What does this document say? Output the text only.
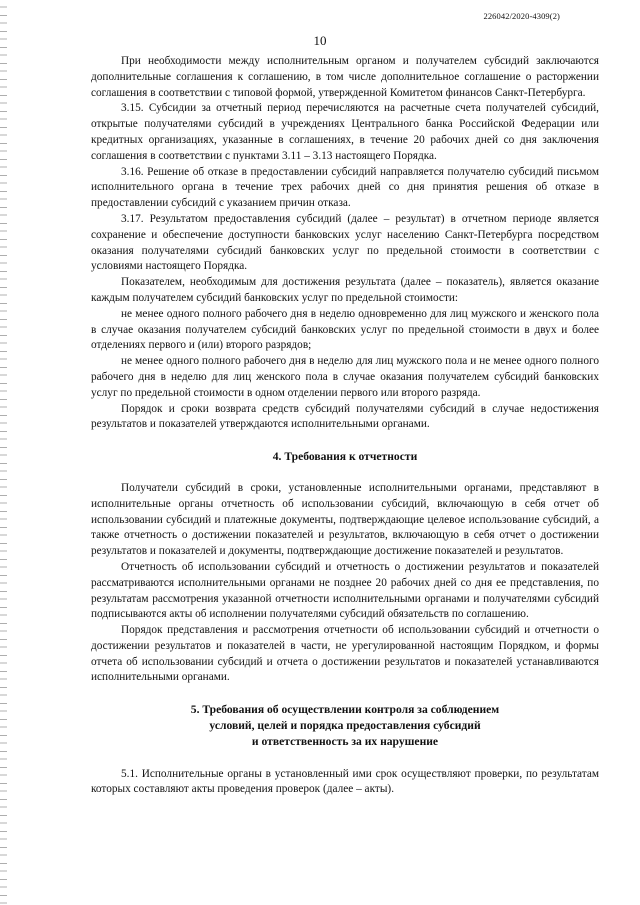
226042/2020-4309(2)
10

При необходимости между исполнительным органом и получателем субсидий заключаются дополнительные соглашения к соглашению, в том числе дополнительное соглашение о расторжении соглашения в соответствии с типовой формой, утвержденной Комитетом финансов Санкт-Петербурга.

3.15. Субсидии за отчетный период перечисляются на расчетные счета получателей субсидий, открытые получателями субсидий в учреждениях Центрального банка Российской Федерации или кредитных организациях, указанные в соглашениях, в течение 20 рабочих дней со дня заключения соглашения в соответствии с пунктами 3.11 – 3.13 настоящего Порядка.

3.16. Решение об отказе в предоставлении субсидий направляется получателю субсидий письмом исполнительного органа в течение трех рабочих дней со дня принятия решения об отказе в предоставлении субсидий с указанием причин отказа.

3.17. Результатом предоставления субсидий (далее – результат) в отчетном периоде является сохранение и обеспечение доступности банковских услуг населению Санкт-Петербурга посредством оказания получателями субсидий банковских услуг по предельной стоимости в соответствии с условиями настоящего Порядка.

Показателем, необходимым для достижения результата (далее – показатель), является оказание каждым получателем субсидий банковских услуг по предельной стоимости:

не менее одного полного рабочего дня в неделю одновременно для лиц мужского и женского пола в случае оказания получателем субсидий банковских услуг по предельной стоимости в двух и более отделениях первого и (или) второго разрядов;

не менее одного полного рабочего дня в неделю для лиц мужского пола и не менее одного полного рабочего дня в неделю для лиц женского пола в случае оказания получателем субсидий банковских услуг по предельной стоимости в одном отделении первого или второго разряда.

Порядок и сроки возврата средств субсидий получателями субсидий в случае недостижения результатов и показателей утверждаются исполнительными органами.

4. Требования к отчетности

Получатели субсидий в сроки, установленные исполнительными органами, представляют в исполнительные органы отчетность об использовании субсидий, включающую в себя отчет об использовании субсидий и платежные документы, подтверждающие целевое использование субсидий, а также отчетность о достижении показателей и результатов, включающую в себя отчет о достижении результатов и показателей и документы, подтверждающие достижение показателей и результатов.

Отчетность об использовании субсидий и отчетность о достижении результатов и показателей рассматриваются исполнительными органами не позднее 20 рабочих дней со дня ее представления, по результатам рассмотрения указанной отчетности исполнительными органами и получателями субсидий подписываются акты об исполнении получателями субсидий обязательств по соглашению.

Порядок представления и рассмотрения отчетности об использовании субсидий и отчетности о достижении результатов и показателей в части, не урегулированной настоящим Порядком, и формы отчета об использовании субсидий и отчета о достижении результатов и показателей устанавливаются исполнительными органами.

5. Требования об осуществлении контроля за соблюдением

условий, целей и порядка предоставления субсидий

и ответственность за их нарушение

5.1. Исполнительные органы в установленный ими срок осуществляют проверки, по результатам которых составляют акты проведения проверок (далее – акты).
